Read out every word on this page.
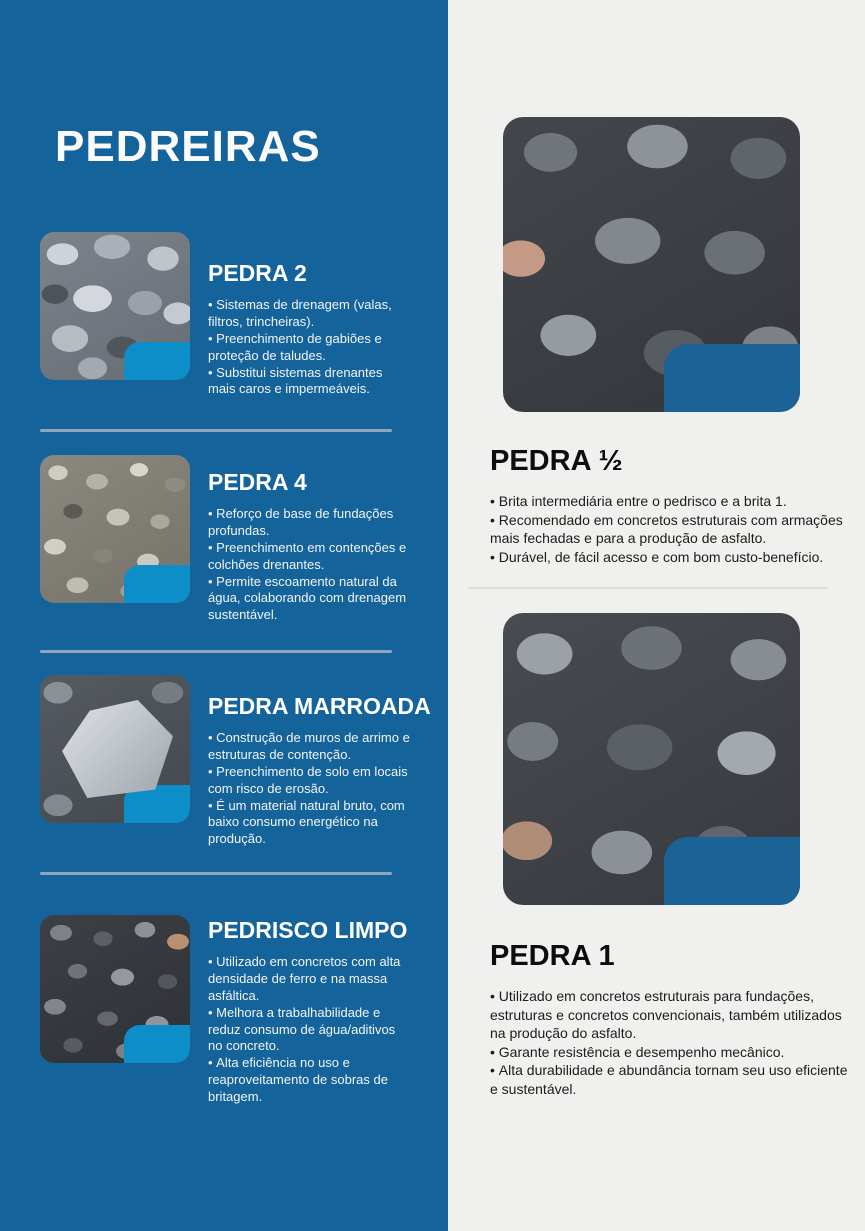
PEDREIRAS
PEDRA 2
• Sistemas de drenagem (valas, filtros, trincheiras).
• Preenchimento de gabiões e proteção de taludes.
• Substitui sistemas drenantes mais caros e impermeáveis.
PEDRA 4
• Reforço de base de fundações profundas.
• Preenchimento em contenções e colchões drenantes.
• Permite escoamento natural da água, colaborando com drenagem sustentável.
PEDRA MARROADA
• Construção de muros de arrimo e estruturas de contenção.
• Preenchimento de solo em locais com risco de erosão.
• É um material natural bruto, com baixo consumo energético na produção.
PEDRISCO LIMPO
• Utilizado em concretos com alta densidade de ferro e na massa asfáltica.
• Melhora a trabalhabilidade e reduz consumo de água/aditivos no concreto.
• Alta eficiência no uso e reaproveitamento de sobras de britagem.
PEDRA ½
• Brita intermediária entre o pedrisco e a brita 1.
• Recomendado em concretos estruturais com armações mais fechadas e para a produção de asfalto.
• Durável, de fácil acesso e com bom custo-benefício.
PEDRA 1
• Utilizado em concretos estruturais para fundações, estruturas e concretos convencionais, também utilizados na produção do asfalto.
• Garante resistência e desempenho mecânico.
• Alta durabilidade e abundância tornam seu uso eficiente e sustentável.
